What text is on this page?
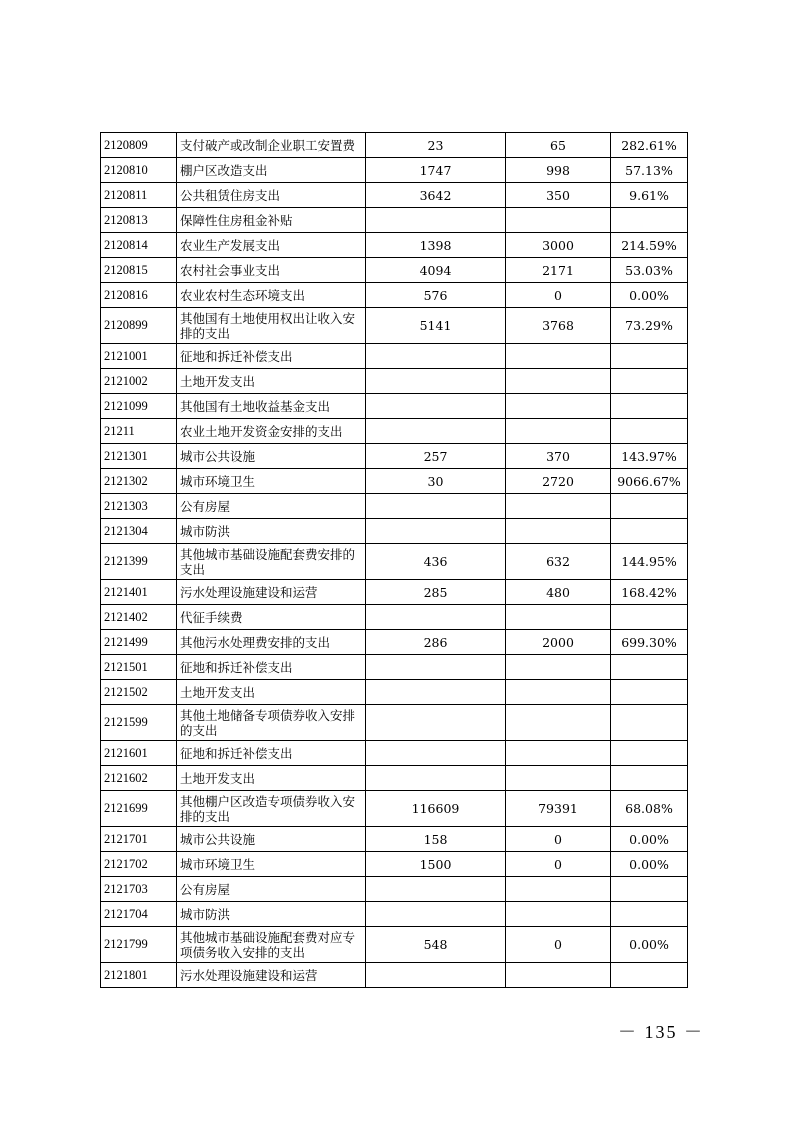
2120809	支付破产或改制企业职工安置费	23	65	282.61%
2120810	棚户区改造支出	1747	998	57.13%
2120811	公共租赁住房支出	3642	350	9.61%
2120813	保障性住房租金补贴			
2120814	农业生产发展支出	1398	3000	214.59%
2120815	农村社会事业支出	4094	2171	53.03%
2120816	农业农村生态环境支出	576	0	0.00%
2120899	其他国有土地使用权出让收入安排的支出	5141	3768	73.29%
2121001	征地和拆迁补偿支出			
2121002	土地开发支出			
2121099	其他国有土地收益基金支出			
21211	农业土地开发资金安排的支出			
2121301	城市公共设施	257	370	143.97%
2121302	城市环境卫生	30	2720	9066.67%
2121303	公有房屋			
2121304	城市防洪			
2121399	其他城市基础设施配套费安排的支出	436	632	144.95%
2121401	污水处理设施建设和运营	285	480	168.42%
2121402	代征手续费			
2121499	其他污水处理费安排的支出	286	2000	699.30%
2121501	征地和拆迁补偿支出			
2121502	土地开发支出			
2121599	其他土地储备专项债券收入安排的支出			
2121601	征地和拆迁补偿支出			
2121602	土地开发支出			
2121699	其他棚户区改造专项债券收入安排的支出	116609	79391	68.08%
2121701	城市公共设施	158	0	0.00%
2121702	城市环境卫生	1500	0	0.00%
2121703	公有房屋			
2121704	城市防洪			
2121799	其他城市基础设施配套费对应专项债务收入安排的支出	548	0	0.00%
2121801	污水处理设施建设和运营			
－ 135 －
